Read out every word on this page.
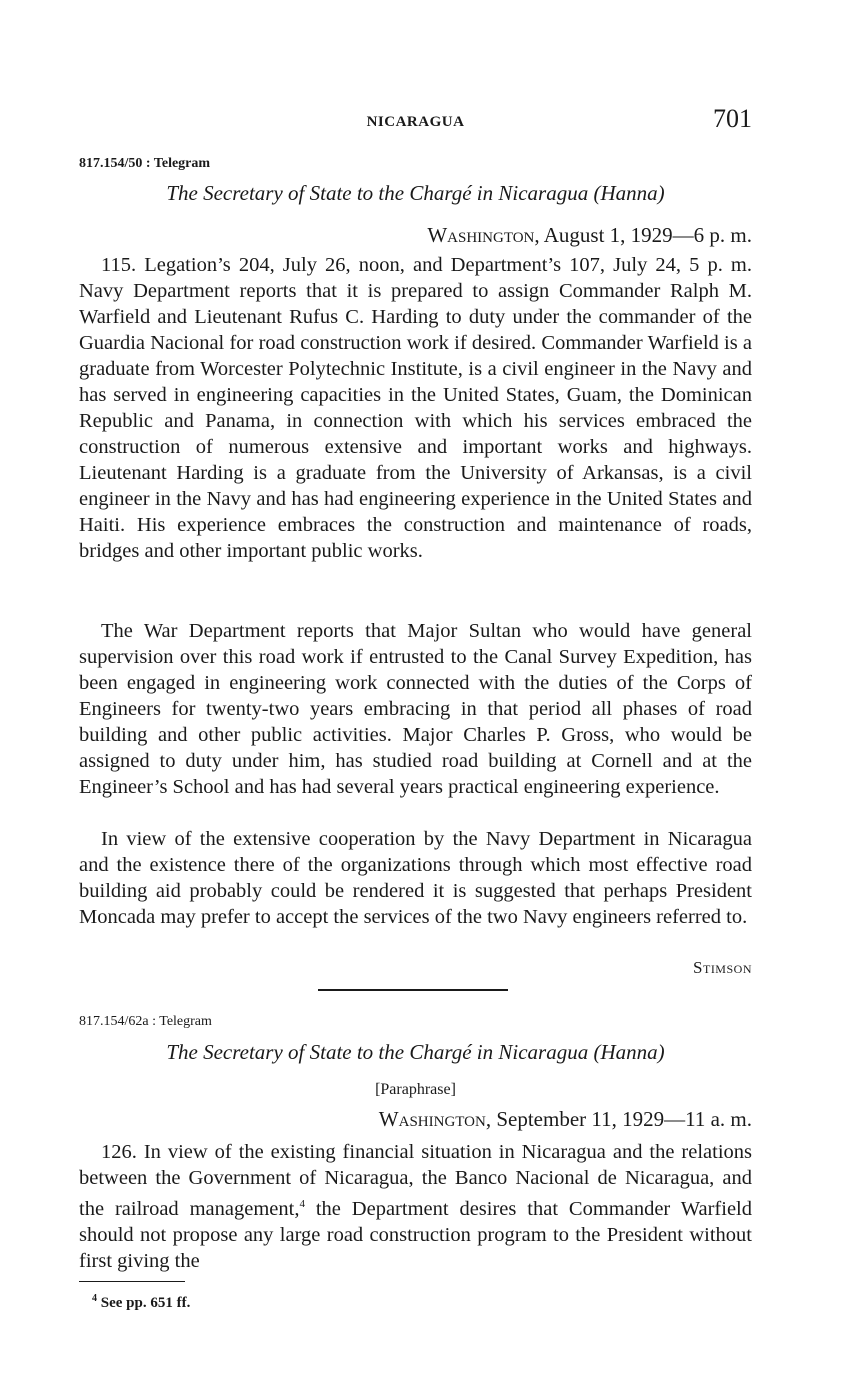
NICARAGUA	701
817.154/50 : Telegram
The Secretary of State to the Chargé in Nicaragua (Hanna)
Washington, August 1, 1929—6 p. m.

115. Legation’s 204, July 26, noon, and Department’s 107, July 24, 5 p. m. Navy Department reports that it is prepared to assign Commander Ralph M. Warfield and Lieutenant Rufus C. Harding to duty under the commander of the Guardia Nacional for road construction work if desired. Commander Warfield is a graduate from Worcester Polytechnic Institute, is a civil engineer in the Navy and has served in engineering capacities in the United States, Guam, the Dominican Republic and Panama, in connection with which his services embraced the construction of numerous extensive and important works and highways. Lieutenant Harding is a graduate from the University of Arkansas, is a civil engineer in the Navy and has had engineering experience in the United States and Haiti. His experience embraces the construction and maintenance of roads, bridges and other important public works.

The War Department reports that Major Sultan who would have general supervision over this road work if entrusted to the Canal Survey Expedition, has been engaged in engineering work connected with the duties of the Corps of Engineers for twenty-two years embracing in that period all phases of road building and other public activities. Major Charles P. Gross, who would be assigned to duty under him, has studied road building at Cornell and at the Engineer’s School and has had several years practical engineering experience.

In view of the extensive cooperation by the Navy Department in Nicaragua and the existence there of the organizations through which most effective road building aid probably could be rendered it is suggested that perhaps President Moncada may prefer to accept the services of the two Navy engineers referred to.

Stimson
817.154/62a : Telegram
The Secretary of State to the Chargé in Nicaragua (Hanna)
[Paraphrase]
Washington, September 11, 1929—11 a. m.

126. In view of the existing financial situation in Nicaragua and the relations between the Government of Nicaragua, the Banco Nacional de Nicaragua, and the railroad management,$^4$ the Department desires that Commander Warfield should not propose any large road construction program to the President without first giving the

$^4$ See pp. 651 ff.
